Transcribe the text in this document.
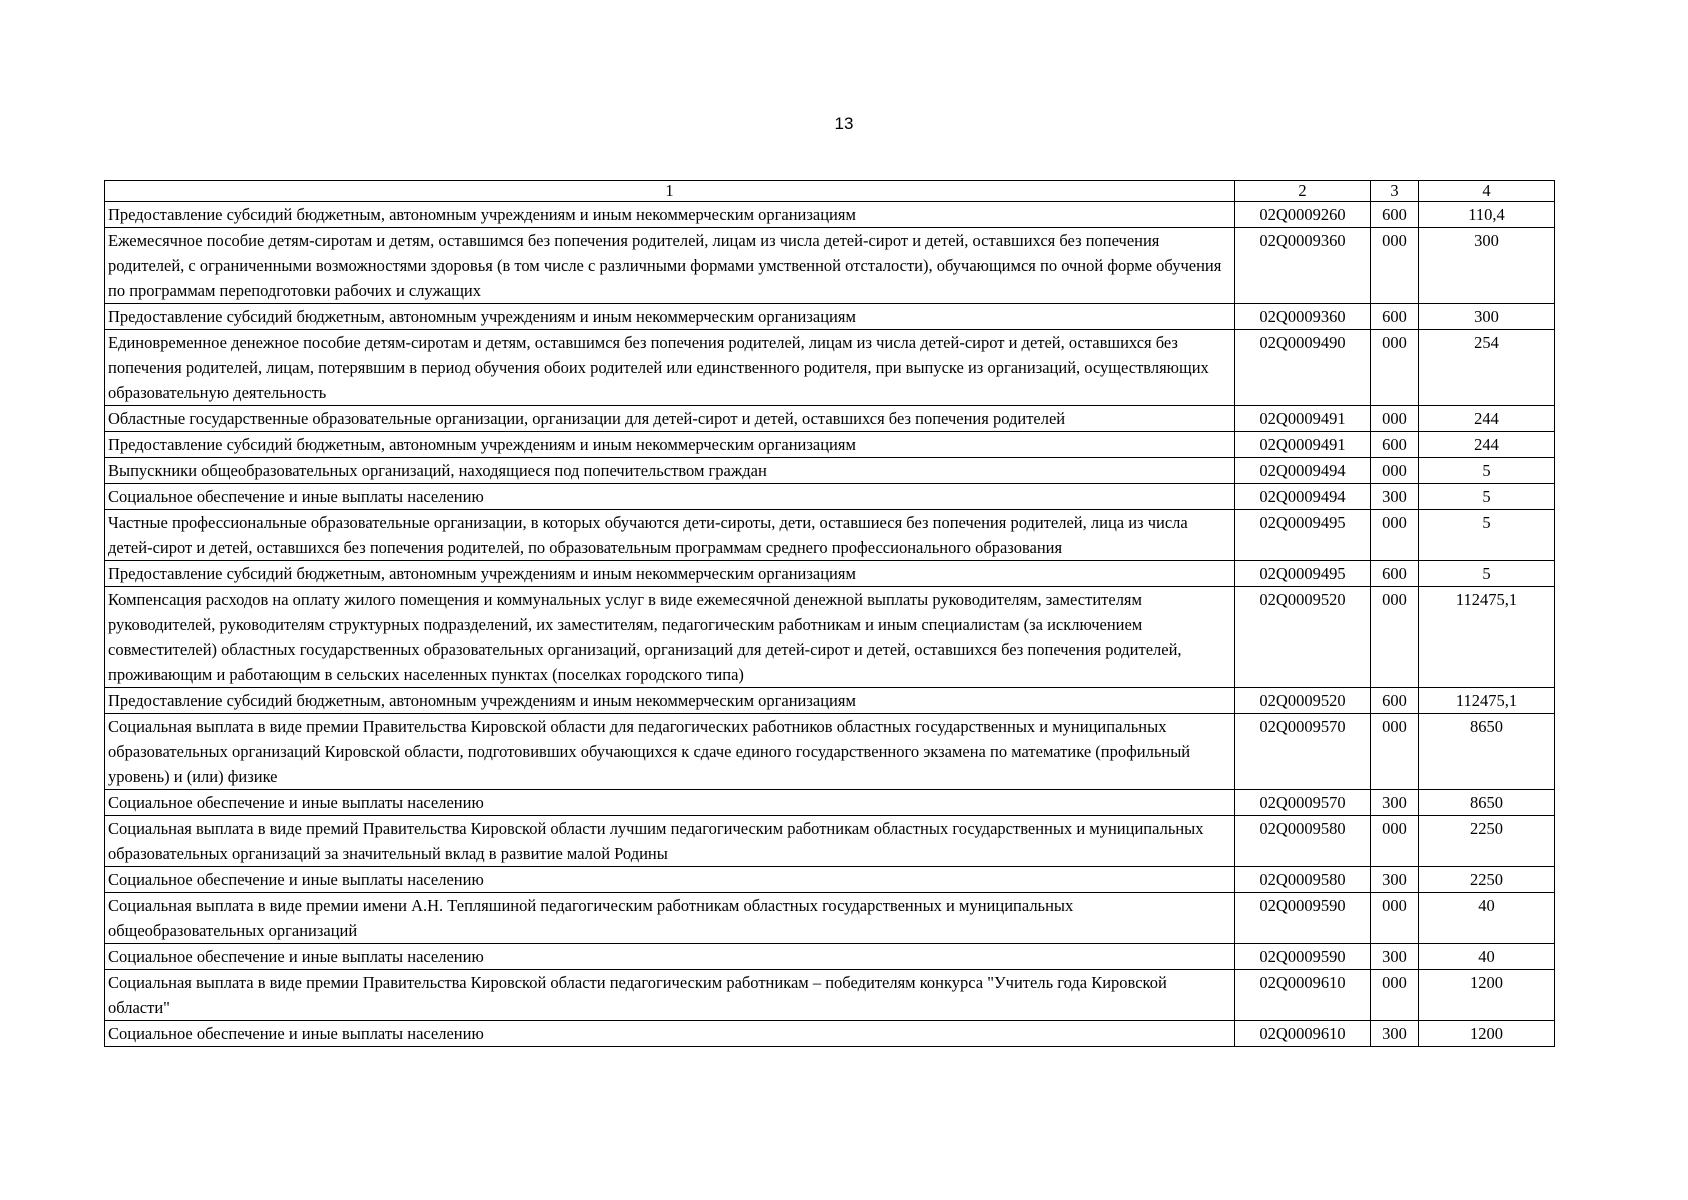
13
1	2	3	4
Предоставление субсидий бюджетным, автономным учреждениям и иным некоммерческим организациям	02Q0009260	600	110,4
Ежемесячное пособие детям-сиротам и детям, оставшимся без попечения родителей, лицам из числа детей-сирот и детей, оставшихся без попечения родителей, с ограниченными возможностями здоровья (в том числе с различными формами умственной отсталости), обучающимся по очной форме обучения по программам переподготовки рабочих и служащих	02Q0009360	000	300
Предоставление субсидий бюджетным, автономным учреждениям и иным некоммерческим организациям	02Q0009360	600	300
Единовременное денежное пособие детям-сиротам и детям, оставшимся без попечения родителей, лицам из числа детей-сирот и детей, оставшихся без попечения родителей, лицам, потерявшим в период обучения обоих родителей или единственного родителя, при выпуске из организаций, осуществляющих образовательную деятельность	02Q0009490	000	254
Областные государственные образовательные организации, организации для детей-сирот и детей, оставшихся без попечения родителей	02Q0009491	000	244
Предоставление субсидий бюджетным, автономным учреждениям и иным некоммерческим организациям	02Q0009491	600	244
Выпускники общеобразовательных организаций, находящиеся под попечительством граждан	02Q0009494	000	5
Социальное обеспечение и иные выплаты населению	02Q0009494	300	5
Частные профессиональные образовательные организации, в которых обучаются дети-сироты, дети, оставшиеся без попечения родителей, лица из числа детей-сирот и детей, оставшихся без попечения родителей, по образовательным программам среднего профессионального образования	02Q0009495	000	5
Предоставление субсидий бюджетным, автономным учреждениям и иным некоммерческим организациям	02Q0009495	600	5
Компенсация расходов на оплату жилого помещения и коммунальных услуг в виде ежемесячной денежной выплаты руководителям, заместителям руководителей, руководителям структурных подразделений, их заместителям, педагогическим работникам и иным специалистам (за исключением совместителей) областных государственных образовательных организаций, организаций для детей-сирот и детей, оставшихся без попечения родителей, проживающим и работающим в сельских населенных пунктах (поселках городского типа)	02Q0009520	000	112475,1
Предоставление субсидий бюджетным, автономным учреждениям и иным некоммерческим организациям	02Q0009520	600	112475,1
Социальная выплата в виде премии Правительства Кировской области для педагогических работников областных государственных и муниципальных образовательных организаций Кировской области, подготовивших обучающихся к сдаче единого государственного экзамена по математике (профильный уровень) и (или) физике	02Q0009570	000	8650
Социальное обеспечение и иные выплаты населению	02Q0009570	300	8650
Социальная выплата в виде премий Правительства Кировской области лучшим педагогическим работникам областных государственных и муниципальных образовательных организаций за значительный вклад в развитие малой Родины	02Q0009580	000	2250
Социальное обеспечение и иные выплаты населению	02Q0009580	300	2250
Социальная выплата в виде премии имени А.Н. Тепляшиной педагогическим работникам областных государственных и муниципальных общеобразовательных организаций	02Q0009590	000	40
Социальное обеспечение и иные выплаты населению	02Q0009590	300	40
Социальная выплата в виде премии Правительства Кировской области педагогическим работникам – победителям конкурса "Учитель года Кировской области"	02Q0009610	000	1200
Социальное обеспечение и иные выплаты населению	02Q0009610	300	1200
